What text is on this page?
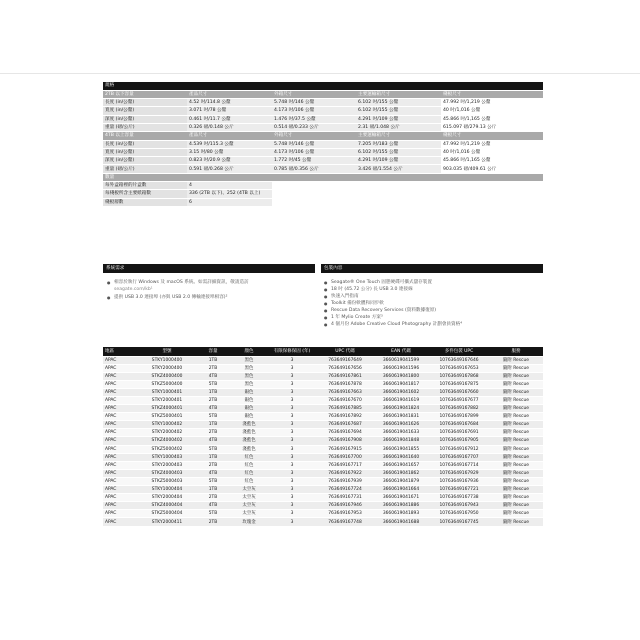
規格				
2TB 以下容量	產品尺寸	外箱尺寸	主要運輸箱尺寸	棧板尺寸
長度 (in/公釐)	4.52 吋/114.8 公釐	5.748 吋/146 公釐	6.102 吋/155 公釐	47.992 吋/1,219 公釐
寬度 (in/公釐)	3.071 吋/78 公釐	4.173 吋/106 公釐	6.102 吋/155 公釐	40 吋/1,016 公釐
深度 (in/公釐)	0.461 吋/11.7 公釐	1.476 吋/37.5 公釐	4.291 吋/109 公釐	45.866 吋/1,165 公釐
重量 (磅/公斤)	0.326 磅/0.148 公斤	0.514 磅/0.233 公斤	2.31 磅/1.048 公斤	615.097 磅/279.13 公斤
4TB 以上容量	產品尺寸	外箱尺寸	主要運輸箱尺寸	棧板尺寸
長度 (in/公釐)	4.539 吋/115.3 公釐	5.748 吋/146 公釐	7.205 吋/183 公釐	47.992 吋/1,219 公釐
寬度 (in/公釐)	3.15 吋/80 公釐	4.173 吋/106 公釐	6.102 吋/155 公釐	40 吋/1,016 公釐
深度 (in/公釐)	0.823 吋/20.9 公釐	1.772 吋/45 公釐	4.291 吋/109 公釐	45.866 吋/1,165 公釐
重量 (磅/公斤)	0.591 磅/0.268 公斤	0.785 磅/0.356 公斤	3.426 磅/1.554 公斤	903.035 磅/409.61 公斤
數量				
每外盒箱裡的片盒數	4			
每棧板所含主要紙箱數	336 (2TB 以下)、252 (4TB 以上)			
棧板層數	6			
系統需求
● 相容於執行 Windows 及 macOS 系統。如需詳細資訊，敬請造訪
seagate.com/kb¹
● 提供 USB 3.0 連接埠 (亦與 USB 2.0 傳輸連接埠相容)²
包裝內容
● Seagate® One Touch 固態硬碟可攜式儲存裝置
● 18 吋 (45.72 公分) 長 USB 3.0 連接線
● 快速入門指南
● Toolkit 備份軟體和同步軟
● Rescue Data Recovery Services (資料數據復原)
● 1 年 Mylio Create 方案³
● 4 個月份 Adobe Creative Cloud Photography 計劃會員資格⁴
地區	型號	容量	顏色	有限保修保固 (年)	UPC 代碼	EAN 代碼	多件包裝 UPC	服務
APAC	STKY1000400	1TB	黑色	3	763649167649	3660619041599	10763649167646	隨附 Rescue
APAC	STKY2000400	2TB	黑色	3	763649167656	3660619041596	10763649167653	隨附 Rescue
APAC	STKZ4000400	4TB	黑色	3	763649167861	3660619041800	10763649167868	隨附 Rescue
APAC	STKZ5000400	5TB	黑色	3	763649167878	3660619041817	10763649167875	隨附 Rescue
APAC	STKY1000401	1TB	銀色	3	763649167663	3660619041602	10763649167660	隨附 Rescue
APAC	STKY2000401	2TB	銀色	3	763649167670	3660619041619	10763649167677	隨附 Rescue
APAC	STKZ4000401	4TB	銀色	3	763649167885	3660619041824	10763649167882	隨附 Rescue
APAC	STKZ5000401	5TB	銀色	3	763649167892	3660619041831	10763649167899	隨附 Rescue
APAC	STKY1000402	1TB	淺藍色	3	763649167687	3660619041626	10763649167684	隨附 Rescue
APAC	STKY2000402	2TB	淺藍色	3	763649167694	3660619041633	10763649167691	隨附 Rescue
APAC	STKZ4000402	4TB	淺藍色	3	763649167908	3660619041848	10763649167905	隨附 Rescue
APAC	STKZ5000402	5TB	淺藍色	3	763649167915	3660619041855	10763649167912	隨附 Rescue
APAC	STKY1000403	1TB	紅色	3	763649167700	3660619041640	10763649167707	隨附 Rescue
APAC	STKY2000403	2TB	紅色	3	763649167717	3660619041657	10763649167714	隨附 Rescue
APAC	STKZ4000403	4TB	紅色	3	763649167922	3660619041862	10763649167929	隨附 Rescue
APAC	STKZ5000403	5TB	紅色	3	763649167939	3660619041879	10763649167936	隨附 Rescue
APAC	STKY1000404	1TB	太空灰	3	763649167724	3660619041664	10763649167721	隨附 Rescue
APAC	STKY2000404	2TB	太空灰	3	763649167731	3660619041671	10763649167738	隨附 Rescue
APAC	STKZ4000404	4TB	太空灰	3	763649167946	3660619041886	10763649167943	隨附 Rescue
APAC	STKZ5000404	5TB	太空灰	3	763649167953	3660619041893	10763649167950	隨附 Rescue
APAC	STKY2000411	2TB	玫瑰金	3	763649167748	3660619041688	10763649167745	隨附 Rescue
